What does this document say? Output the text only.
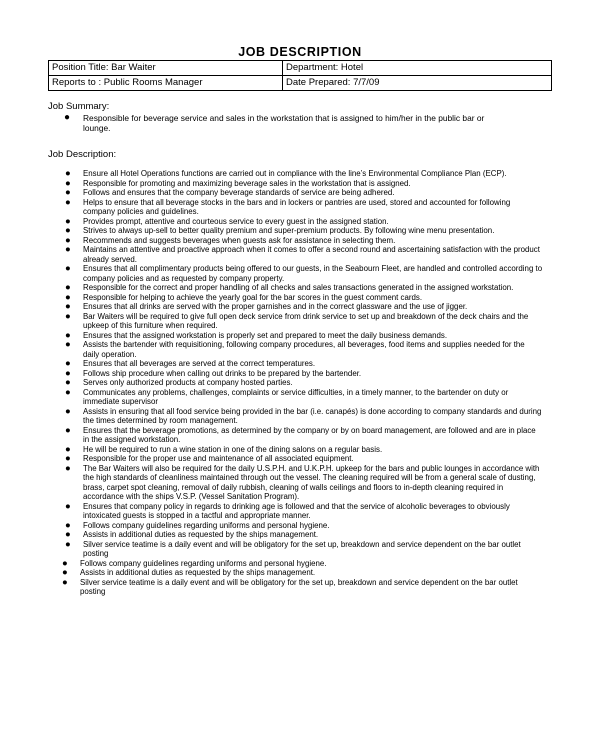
JOB DESCRIPTION
Position Title: Bar Waiter	Department: Hotel
Reports to : Public Rooms Manager	Date Prepared: 7/7/09

Job Summary:

● Responsible for beverage service and sales in the workstation that is assigned to him/her in the public bar or lounge.

Job Description:

● Ensure all Hotel Operations functions are carried out in compliance with the line’s Environmental Compliance Plan (ECP).
● Responsible for promoting and maximizing beverage sales in the workstation that is assigned.
● Follows and ensures that the company beverage standards of service are being adhered.
● Helps to ensure that all beverage stocks in the bars and in lockers or pantries are used, stored and accounted for following company policies and guidelines.
● Provides prompt, attentive and courteous service to every guest in the assigned station.
● Strives to always up-sell to better quality premium and super-premium products. By following wine menu presentation.
● Recommends and suggests beverages when guests ask for assistance in selecting them.
● Maintains an attentive and proactive approach when it comes to offer a second round and ascertaining satisfaction with the product already served.
● Ensures that all complimentary products being offered to our guests, in the Seabourn Fleet, are handled and controlled according to company policies and as requested by company property.
● Responsible for the correct and proper handling of all checks and sales transactions generated in the assigned workstation.
● Responsible for helping to achieve the yearly goal for the bar scores in the guest comment cards.
● Ensures that all drinks are served with the proper garnishes and in the correct glassware and the use of jigger.
● Bar Waiters will be required to give full open deck service from drink service to set up and breakdown of the deck chairs and the upkeep of this furniture when required.
● Ensures that the assigned workstation is properly set and prepared to meet the daily business demands.
● Assists the bartender with requisitioning, following company procedures, all beverages, food items and supplies needed for the daily operation.
● Ensures that all beverages are served at the correct temperatures.
● Follows ship procedure when calling out drinks to be prepared by the bartender.
● Serves only authorized products at company hosted parties.
● Communicates any problems, challenges, complaints or service difficulties, in a timely manner, to the bartender on duty or immediate supervisor
● Assists in ensuring that all food service being provided in the bar (i.e. canapés) is done according to company standards and during the times determined by room management.
● Ensures that the beverage promotions, as determined by the company or by on board management, are followed and are in place in the assigned workstation.
● He will be required to run a wine station in one of the dining salons on a regular basis.
● Responsible for the proper use and maintenance of all associated equipment.
● The Bar Waiters will also be required for the daily U.S.P.H. and U.K.P.H. upkeep for the bars and public lounges in accordance with the high standards of cleanliness maintained through out the vessel. The cleaning required will be from a general scale of dusting, brass, carpet spot cleaning, removal of daily rubbish, cleaning of walls ceilings and floors to in-depth cleaning required in accordance with the ships V.S.P. (Vessel Sanitation Program).
● Ensures that company policy in regards to drinking age is followed and that the service of alcoholic beverages to obviously intoxicated guests is stopped in a tactful and appropriate manner.
● Follows company guidelines regarding uniforms and personal hygiene.
● Assists in additional duties as requested by the ships management.
● Silver service teatime is a daily event and will be obligatory for the set up, breakdown and service dependent on the bar outlet posting
● Follows company guidelines regarding uniforms and personal hygiene.
● Assists in additional duties as requested by the ships management.
● Silver service teatime is a daily event and will be obligatory for the set up, breakdown and service dependent on the bar outlet posting
